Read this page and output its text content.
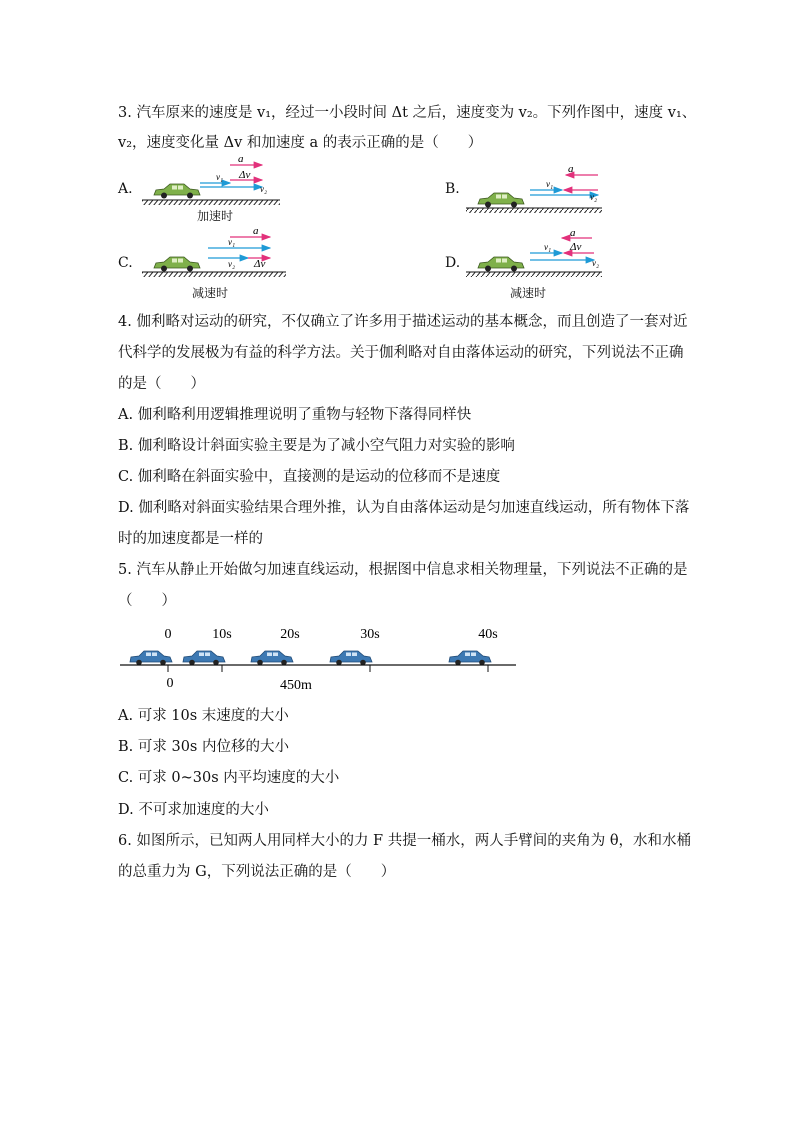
3. 汽车原来的速度是 v₁，经过一小段时间 Δt 之后，速度变为 v₂。下列作图中，速度 v₁、
v₂，速度变化量 Δv 和加速度 a 的表示正确的是（　　）
A.
a
Δv
v₁
v₂
加速时
B.
a
v₁
v₂
C.
a
v₁
v₂ Δv
减速时
D.
a
v₁ Δv
v₂
减速时
4. 伽利略对运动的研究，不仅确立了许多用于描述运动的基本概念，而且创造了一套对近
代科学的发展极为有益的科学方法。关于伽利略对自由落体运动的研究，下列说法不正确
的是（　　）
A. 伽利略利用逻辑推理说明了重物与轻物下落得同样快
B. 伽利略设计斜面实验主要是为了减小空气阻力对实验的影响
C. 伽利略在斜面实验中，直接测的是运动的位移而不是速度
D. 伽利略对斜面实验结果合理外推，认为自由落体运动是匀加速直线运动，所有物体下落
时的加速度都是一样的
5. 汽车从静止开始做匀加速直线运动，根据图中信息求相关物理量，下列说法不正确的是
（　　）
0	10s	20s	30s	40s
0	450m
A. 可求 10s 末速度的大小
B. 可求 30s 内位移的大小
C. 可求 0~30s 内平均速度的大小
D. 不可求加速度的大小
6. 如图所示，已知两人用同样大小的力 F 共提一桶水，两人手臂间的夹角为 θ，水和水桶
的总重力为 G，下列说法正确的是（　　）
